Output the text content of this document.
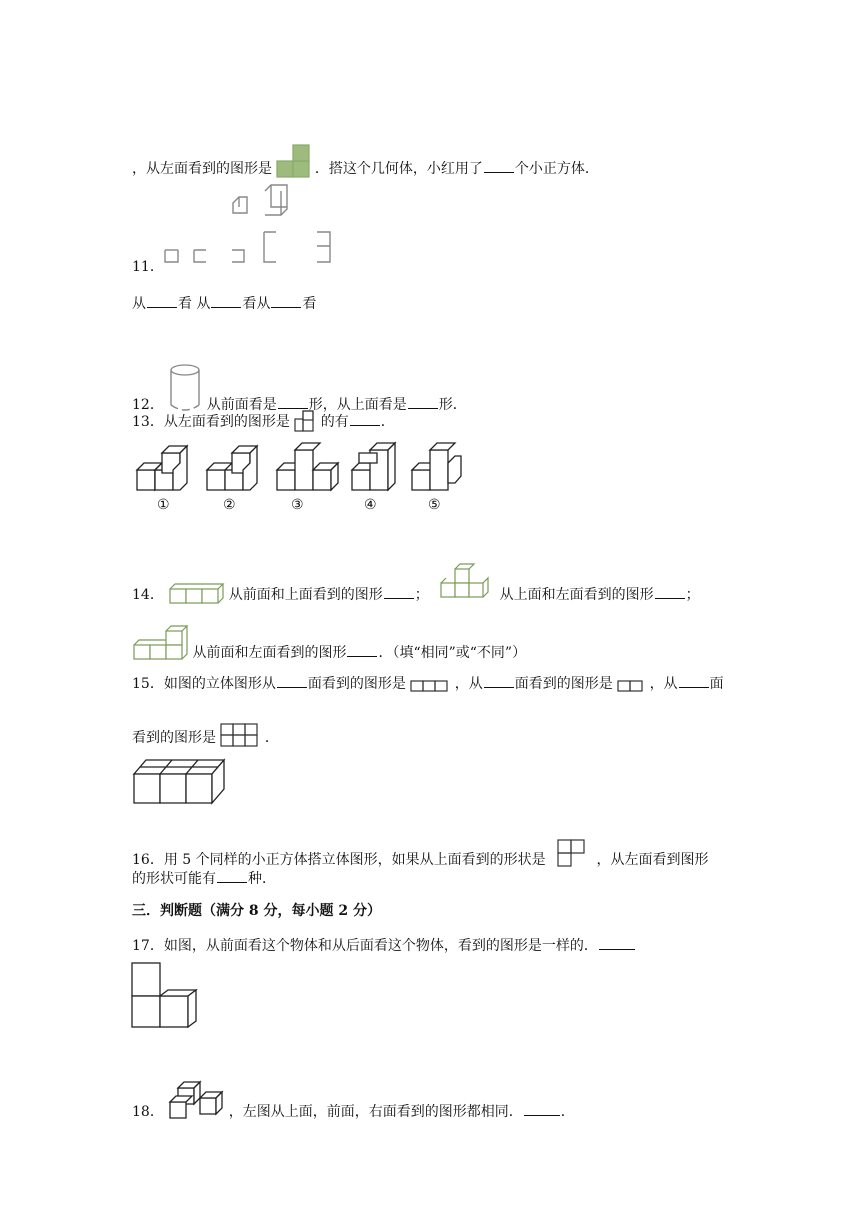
，从左面看到的图形是	．搭这个几何体，小红用了 个小正方体．
11．
从 看 从 看从 看
12．	从前面看是 形，从上面看是 形．
13．从左面看到的图形是 的有 ．
①	②	③	④	⑤
14．	从前面和上面看到的图形 ；	从上面和左面看到的图形 ；
从前面和左面看到的图形 ．（填“相同”或“不同”）
15．如图的立体图形从 面看到的图形是	，从 面看到的图形是	，从 面
看到的图形是	．
16．用 5 个同样的小正方体搭立体图形，如果从上面看到的形状是	，从左面看到图形
的形状可能有 种．
三．判断题（满分 8 分，每小题 2 分）
17．如图，从前面看这个物体和从后面看这个物体，看到的图形是一样的．
18．	，左图从上面，前面，右面看到的图形都相同．	．
